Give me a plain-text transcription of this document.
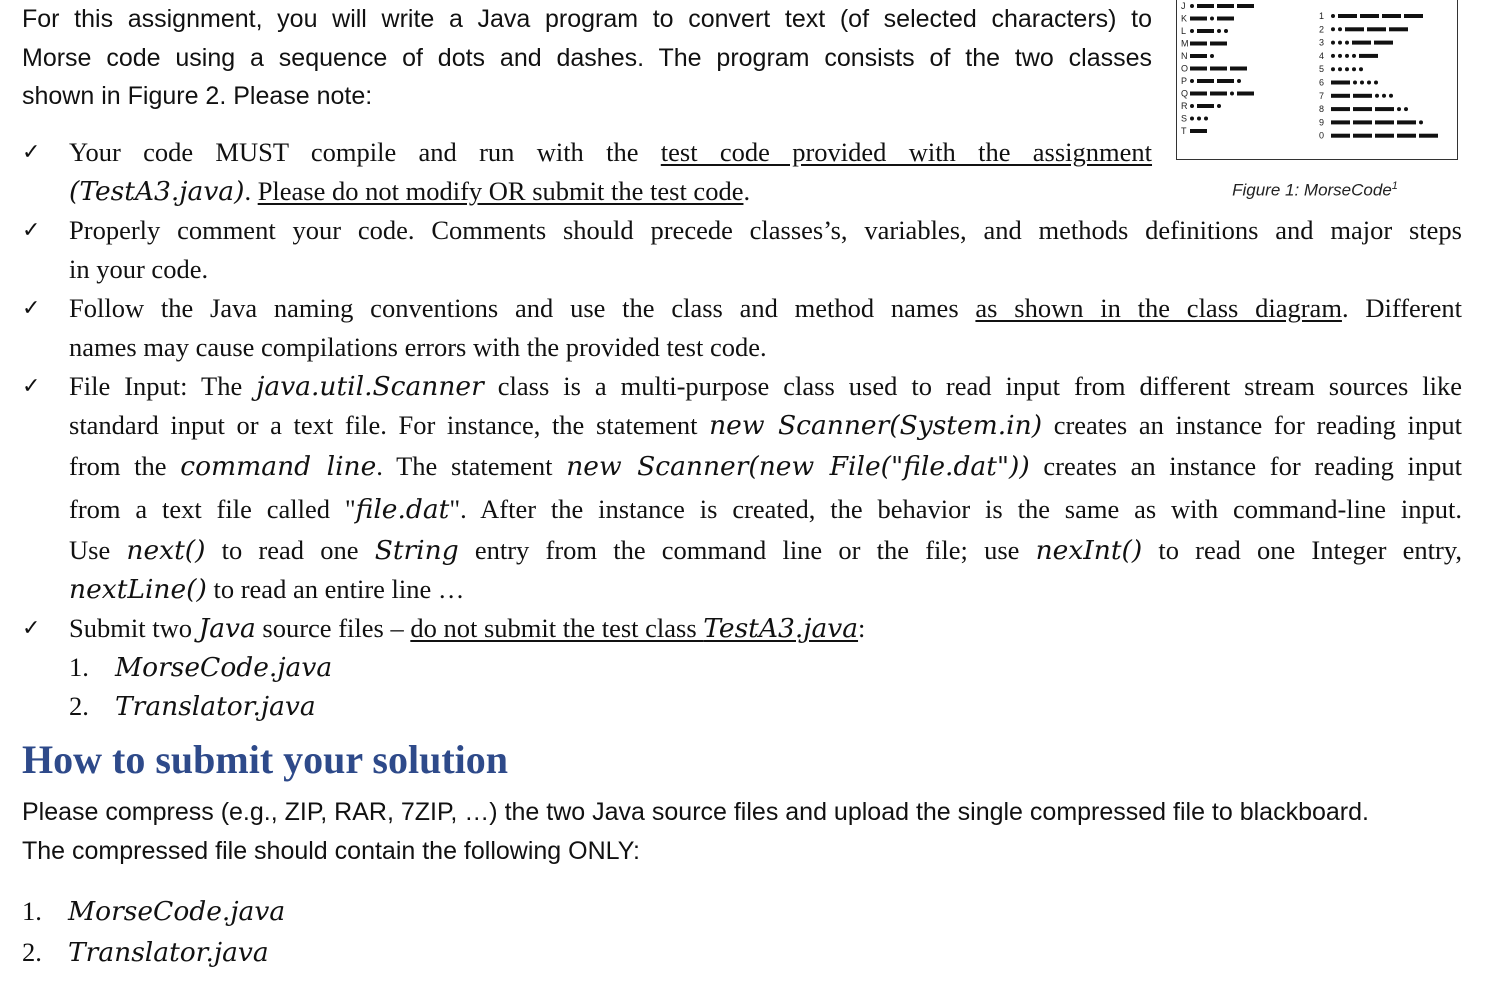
For this assignment, you will write a Java program to convert text (of selected characters) to
Morse code using a sequence of dots and dashes. The program consists of the two classes
shown in Figure 2. Please note:
J
K
L
M
N
O
P
Q
R
S
T
1
2
3
4
5
6
7
8
9
0
Figure 1: MorseCode$^1$
✓ Your code MUST compile and run with the test code provided with the assignment
(TestA3.java). Please do not modify OR submit the test code.
✓ Properly comment your code. Comments should precede classes’s, variables, and methods definitions and major steps
in your code.
✓ Follow the Java naming conventions and use the class and method names as shown in the class diagram. Different
names may cause compilations errors with the provided test code.
✓ File Input: The java.util.Scanner class is a multi-purpose class used to read input from different stream sources like
standard input or a text file. For instance, the statement new Scanner(System.in) creates an instance for reading input
from the command line. The statement new Scanner(new File("file.dat")) creates an instance for reading input
from a text file called "file.dat". After the instance is created, the behavior is the same as with command-line input.
Use next() to read one String entry from the command line or the file; use nexInt() to read one Integer entry,
nextLine() to read an entire line …
✓ Submit two Java source files – do not submit the test class TestA3.java:
1. MorseCode.java
2. Translator.java
How to submit your solution
Please compress (e.g., ZIP, RAR, 7ZIP, …) the two Java source files and upload the single compressed file to blackboard.
The compressed file should contain the following ONLY:
1. MorseCode.java
2. Translator.java
